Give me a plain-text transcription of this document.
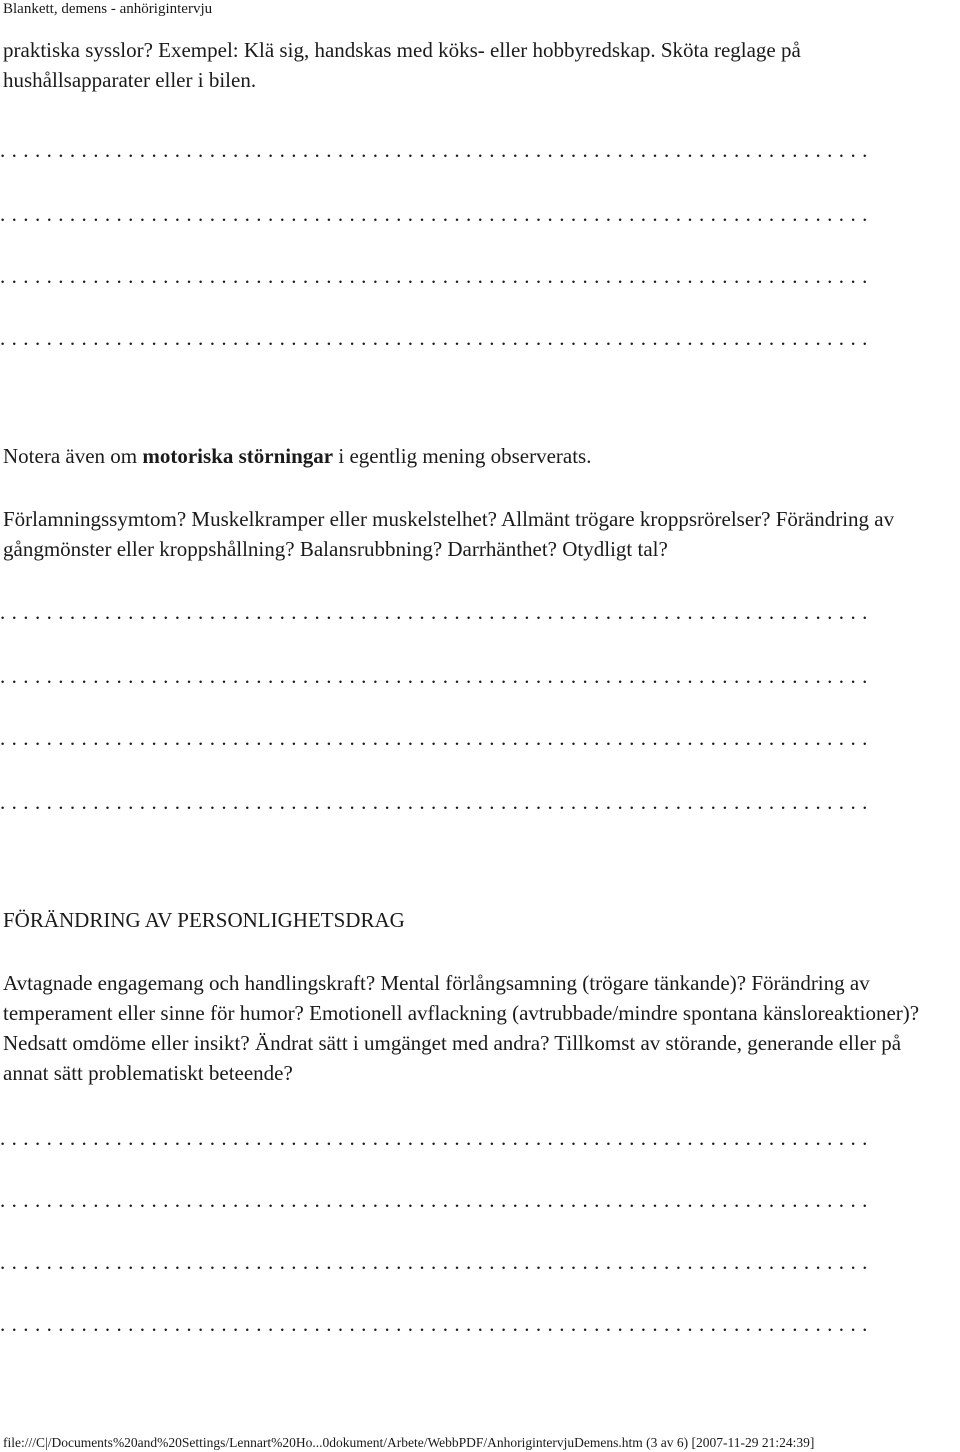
Blankett, demens - anhörigintervju
praktiska sysslor? Exempel: Klä sig, handskas med köks- eller hobbyredskap. Sköta reglage på hushållsapparater eller i bilen.
...........................................................................
...........................................................................
...........................................................................
...........................................................................
Notera även om motoriska störningar i egentlig mening observerats.
Förlamningssymtom? Muskelkramper eller muskelstelhet? Allmänt trögare kroppsrörelser? Förändring av gångmönster eller kroppshållning? Balansrubbning? Darrhänthet? Otydligt tal?
...........................................................................
...........................................................................
...........................................................................
...........................................................................
FÖRÄNDRING AV PERSONLIGHETSDRAG
Avtagnade engagemang och handlingskraft? Mental förlångsamning (trögare tänkande)? Förändring av temperament eller sinne för humor? Emotionell avflackning (avtrubbade/mindre spontana känsloreaktioner)? Nedsatt omdöme eller insikt? Ändrat sätt i umgänget med andra? Tillkomst av störande, generande eller på annat sätt problematiskt beteende?
...........................................................................
...........................................................................
...........................................................................
...........................................................................
file:///C|/Documents%20and%20Settings/Lennart%20Ho...0dokument/Arbete/WebbPDF/AnhorigintervjuDemens.htm (3 av 6) [2007-11-29 21:24:39]
